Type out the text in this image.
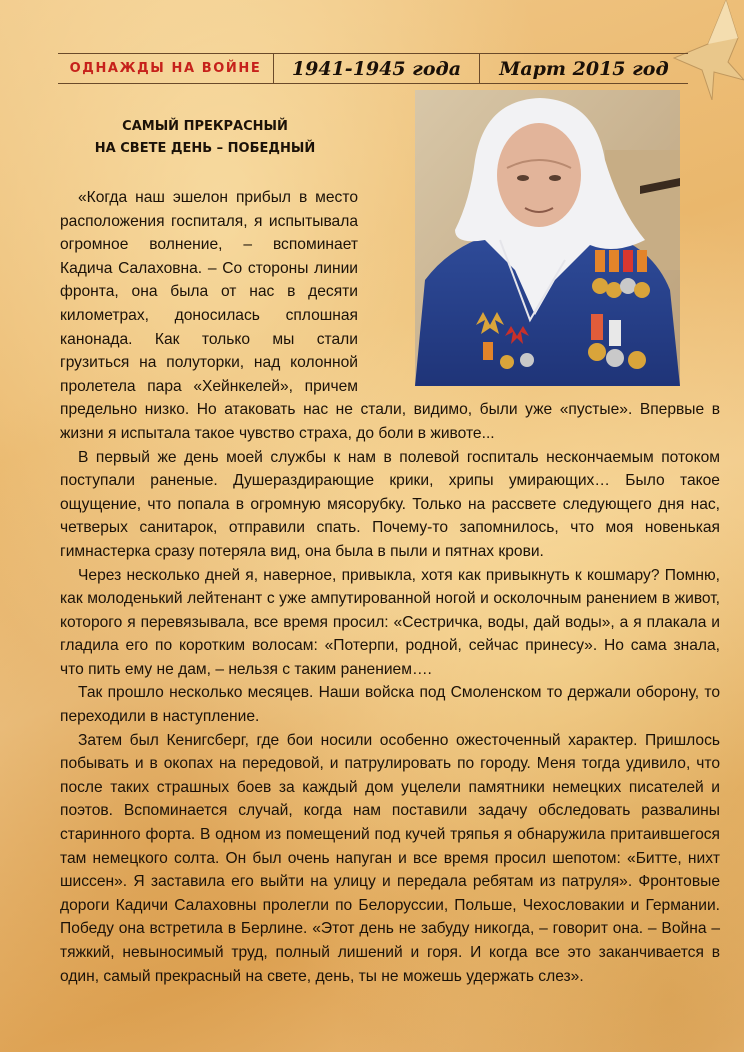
ОДНАЖДЫ НА ВОЙНЕ	1941-1945 года	Март 2015 год
САМЫЙ ПРЕКРАСНЫЙ
НА СВЕТЕ ДЕНЬ – ПОБЕДНЫЙ

«Когда наш эшелон прибыл в место расположения госпиталя, я испытывала огромное волнение, – вспоминает Кадича Салаховна. – Со стороны линии фронта, она была от нас в десяти километрах, доносилась сплошная канонада. Как только мы стали грузиться на полуторки, над колонной пролетела пара «Хейнкелей», причем предельно низко. Но атаковать нас не стали, видимо, были уже «пустые». Впервые в жизни я испытала такое чувство страха, до боли в животе...

В первый же день моей службы к нам в полевой госпиталь нескончаемым потоком поступали раненые. Душераздирающие крики, хрипы умирающих… Было такое ощущение, что попала в огромную мясорубку. Только на рассвете следующего дня нас, четверых санитарок, отправили спать. Почему-то запомнилось, что моя новенькая гимнастерка сразу потеряла вид, она была в пыли и пятнах крови.

Через несколько дней я, наверное, привыкла, хотя как привыкнуть к кошмару? Помню, как молоденький лейтенант с уже ампутированной ногой и осколочным ранением в живот, которого я перевязывала, все время просил: «Сестричка, воды, дай воды», а я плакала и гладила его по коротким волосам: «Потерпи, родной, сейчас принесу». Но сама знала, что пить ему не дам, – нельзя с таким ранением….

Так прошло несколько месяцев. Наши войска под Смоленском то держали оборону, то переходили в наступление.

Затем был Кенигсберг, где бои носили особенно ожесточенный характер. Пришлось побывать и в окопах на передовой, и патрулировать по городу. Меня тогда удивило, что после таких страшных боев за каждый дом уцелели памятники немецких писателей и поэтов. Вспоминается случай, когда нам поставили задачу обследовать развалины старинного форта. В одном из помещений под кучей тряпья я обнаружила притаившегося там немецкого солта. Он был очень напуган и все время просил шепотом: «Битте, нихт шиссен». Я заставила его выйти на улицу и передала ребятам из патруля». Фронтовые дороги Кадичи Салаховны пролегли по Белоруссии, Польше, Чехословакии и Германии. Победу она встретила в Берлине. «Этот день не забуду никогда, – говорит она. – Война – тяжкий, невыносимый труд, полный лишений и горя. И когда все это заканчивается в один, самый прекрасный на свете, день, ты не можешь удержать слез».
